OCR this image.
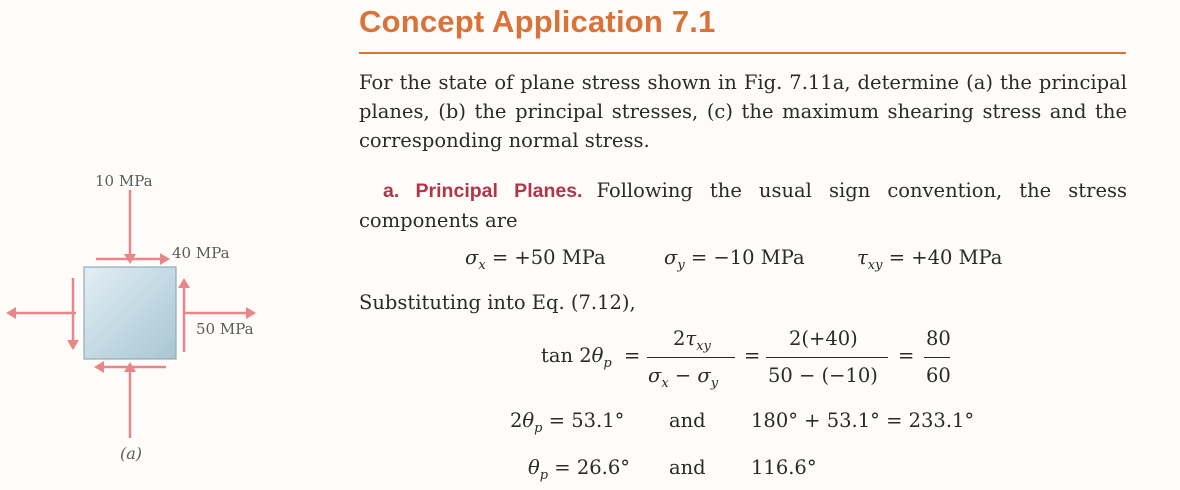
Concept Application 7.1

For the state of plane stress shown in Fig. 7.11a, determine (a) the principal planes, (b) the principal stresses, (c) the maximum shearing stress and the corresponding normal stress.

a. Principal Planes. Following the usual sign convention, the stress components are

$\sigma_x = +50$ MPa	$\sigma_y = -10$ MPa	$\tau_{xy} = +40$ MPa

Substituting into Eq. (7.12),

$\tan 2\theta_p$ =
$2\tau_{xy}$
$\sigma_x - \sigma_y$
=
2(+40)
50 − (−10)
=
80
60
$2\theta_p = 53.1^\circ$ and 180° + 53.1° = 233.1°
$\theta_p = 26.6^\circ$ and 116.6°
10 MPa
40 MPa
50 MPa
(a)
